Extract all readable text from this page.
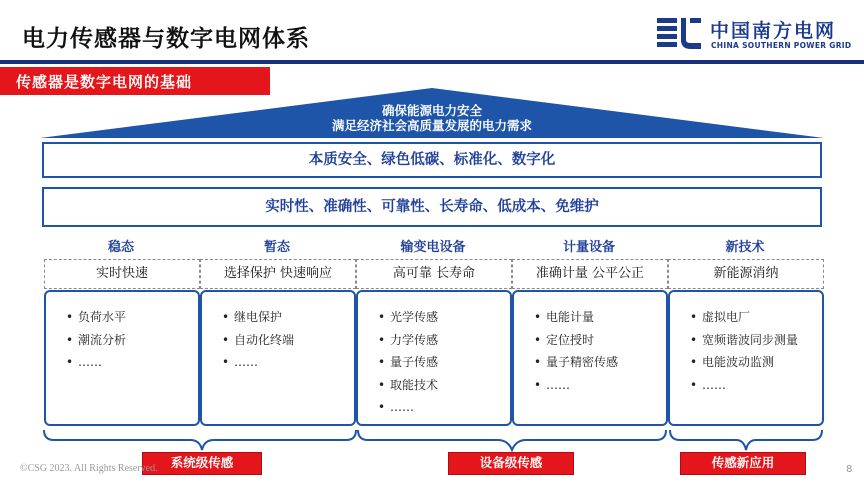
电力传感器与数字电网体系	中国南方电网
CHINA SOUTHERN POWER GRID
传感器是数字电网的基础
确保能源电力安全
满足经济社会高质量发展的电力需求
本质安全、绿色低碳、标准化、数字化
实时性、准确性、可靠性、长寿命、低成本、免维护
稳态
实时快速
• 负荷水平
• 潮流分析
• ……
暂态
选择保护 快速响应
• 继电保护
• 自动化终端
• ……
输变电设备
高可靠 长寿命
• 光学传感
• 力学传感
• 量子传感
• 取能技术
• ……
计量设备
准确计量 公平公正
• 电能计量
• 定位授时
• 量子精密传感
• ……
新技术
新能源消纳
• 虚拟电厂
• 宽频谐波同步测量
• 电能波动监测
• ……
系统级传感	设备级传感	传感新应用
©CSG 2023. All Rights Reserved.	8
